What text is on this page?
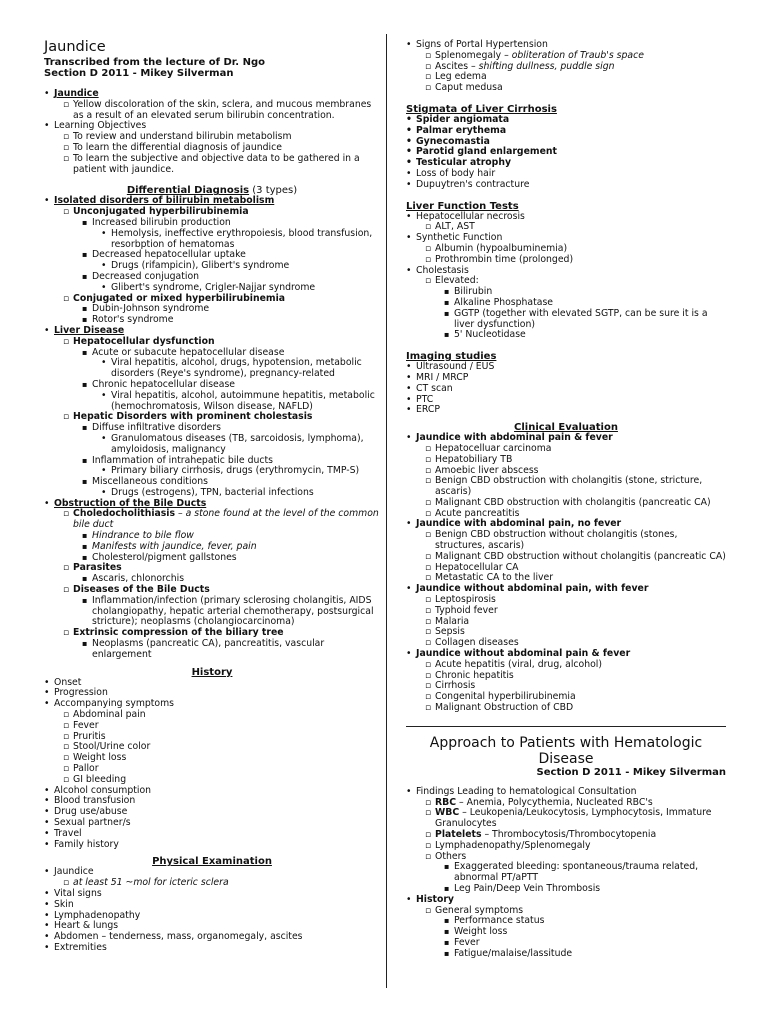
Jaundice
Transcribed from the lecture of Dr. Ngo
Section D 2011 - Mikey Silverman
• Jaundice
▫ Yellow discoloration of the skin, sclera, and mucous membranes as a result of an elevated serum bilirubin concentration.
• Learning Objectives
▫ To review and understand bilirubin metabolism
▫ To learn the differential diagnosis of jaundice
▫ To learn the subjective and objective data to be gathered in a patient with jaundice.
Differential Diagnosis (3 types)
• Isolated disorders of bilirubin metabolism
▫ Unconjugated hyperbilirubinemia
▪ Increased bilirubin production
• Hemolysis, ineffective erythropoiesis, blood transfusion, resorbption of hematomas
▪ Decreased hepatocellular uptake
• Drugs (rifampicin), Glibert's syndrome
▪ Decreased conjugation
• Glibert's syndrome, Crigler-Najjar syndrome
▫ Conjugated or mixed hyperbilirubinemia
▪ Dubin-Johnson syndrome
▪ Rotor's syndrome
• Liver Disease
▫ Hepatocellular dysfunction
▪ Acute or subacute hepatocellular disease
• Viral hepatitis, alcohol, drugs, hypotension, metabolic disorders (Reye's syndrome), pregnancy-related
▪ Chronic hepatocellular disease
• Viral hepatitis, alcohol, autoimmune hepatitis, metabolic (hemochromatosis, Wilson disease, NAFLD)
▫ Hepatic Disorders with prominent cholestasis
▪ Diffuse infiltrative disorders
• Granulomatous diseases (TB, sarcoidosis, lymphoma), amyloidosis, malignancy
▪ Inflammation of intrahepatic bile ducts
• Primary biliary cirrhosis, drugs (erythromycin, TMP-S)
▪ Miscellaneous conditions
• Drugs (estrogens), TPN, bacterial infections
• Obstruction of the Bile Ducts
▫ Choledocholithiasis – a stone found at the level of the common bile duct
▪ Hindrance to bile flow
▪ Manifests with jaundice, fever, pain
▪ Cholesterol/pigment gallstones
▫ Parasites
▪ Ascaris, chlonorchis
▫ Diseases of the Bile Ducts
▪ Inflammation/infection (primary sclerosing cholangitis, AIDS cholangiopathy, hepatic arterial chemotherapy, postsurgical stricture); neoplasms (cholangiocarcinoma)
▫ Extrinsic compression of the biliary tree
▪ Neoplasms (pancreatic CA), pancreatitis, vascular enlargement
History
• Onset
• Progression
• Accompanying symptoms
▫ Abdominal pain
▫ Fever
▫ Pruritis
▫ Stool/Urine color
▫ Weight loss
▫ Pallor
▫ GI bleeding
• Alcohol consumption
• Blood transfusion
• Drug use/abuse
• Sexual partner/s
• Travel
• Family history
Physical Examination
• Jaundice
▫ at least 51 ~mol for icteric sclera
• Vital signs
• Skin
• Lymphadenopathy
• Heart & lungs
• Abdomen – tenderness, mass, organomegaly, ascites
• Extremities
• Signs of Portal Hypertension
▫ Splenomegaly – obliteration of Traub's space
▫ Ascites – shifting dullness, puddle sign
▫ Leg edema
▫ Caput medusa
Stigmata of Liver Cirrhosis
• Spider angiomata
• Palmar erythema
• Gynecomastia
• Parotid gland enlargement
• Testicular atrophy
• Loss of body hair
• Dupuytren's contracture
Liver Function Tests
• Hepatocellular necrosis
▫ ALT, AST
• Synthetic Function
▫ Albumin (hypoalbuminemia)
▫ Prothrombin time (prolonged)
• Cholestasis
▫ Elevated:
▪ Bilirubin
▪ Alkaline Phosphatase
▪ GGTP (together with elevated SGTP, can be sure it is a liver dysfunction)
▪ 5' Nucleotidase
Imaging studies
• Ultrasound / EUS
• MRI / MRCP
• CT scan
• PTC
• ERCP
Clinical Evaluation
• Jaundice with abdominal pain & fever
▫ Hepatocelluar carcinoma
▫ Hepatobiliary TB
▫ Amoebic liver abscess
▫ Benign CBD obstruction with cholangitis (stone, stricture, ascaris)
▫ Malignant CBD obstruction with cholangitis (pancreatic CA)
▫ Acute pancreatitis
• Jaundice with abdominal pain, no fever
▫ Benign CBD obstruction without cholangitis (stones, structures, ascaris)
▫ Malignant CBD obstruction without cholangitis (pancreatic CA)
▫ Hepatocellular CA
▫ Metastatic CA to the liver
• Jaundice without abdominal pain, with fever
▫ Leptospirosis
▫ Typhoid fever
▫ Malaria
▫ Sepsis
▫ Collagen diseases
• Jaundice without abdominal pain & fever
▫ Acute hepatitis (viral, drug, alcohol)
▫ Chronic hepatitis
▫ Cirrhosis
▫ Congenital hyperbilirubinemia
▫ Malignant Obstruction of CBD
Approach to Patients with Hematologic Disease
Section D 2011 - Mikey Silverman
• Findings Leading to hematological Consultation
▫ RBC – Anemia, Polycythemia, Nucleated RBC's
▫ WBC – Leukopenia/Leukocytosis, Lymphocytosis, Immature Granulocytes
▫ Platelets – Thrombocytosis/Thrombocytopenia
▫ Lymphadenopathy/Splenomegaly
▫ Others
▪ Exaggerated bleeding: spontaneous/trauma related, abnormal PT/aPTT
▪ Leg Pain/Deep Vein Thrombosis
• History
▫ General symptoms
▪ Performance status
▪ Weight loss
▪ Fever
▪ Fatigue/malaise/lassitude
